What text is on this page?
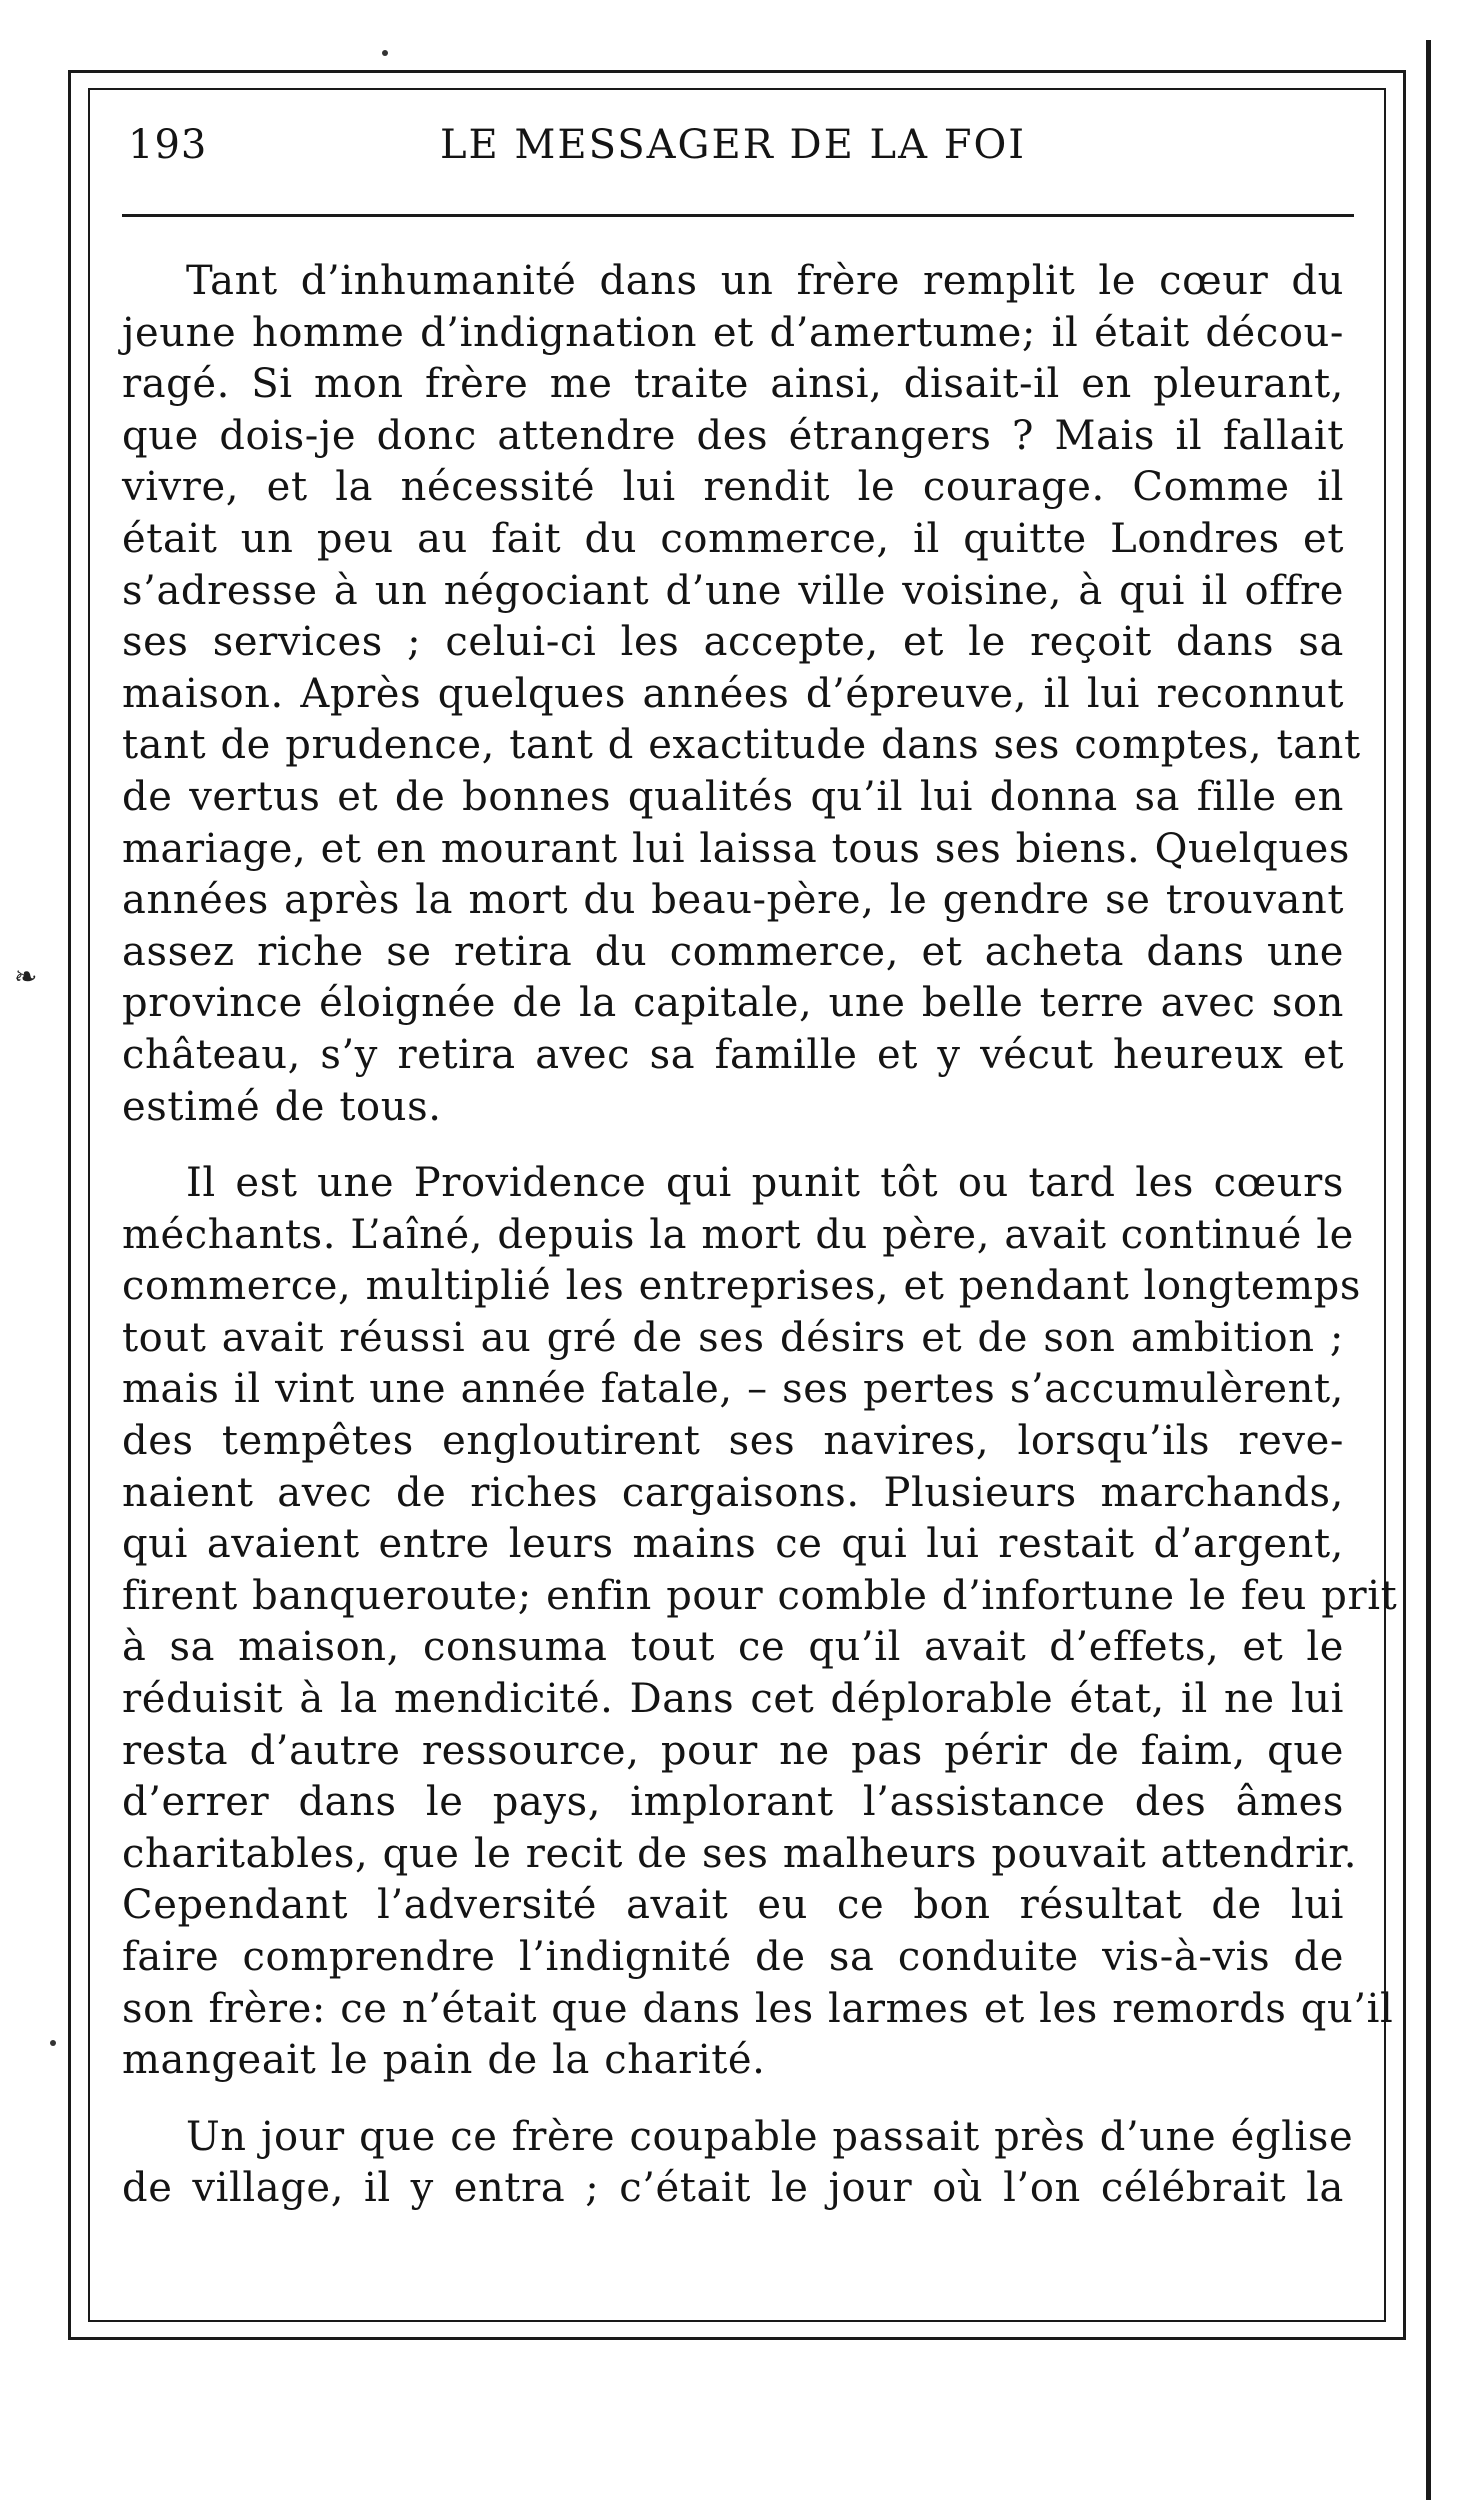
193	LE MESSAGER DE LA FOI
❧
Tant d’inhumanité dans un frère remplit le cœur du
jeune homme d’indignation et d’amertume; il était décou-
ragé. Si mon frère me traite ainsi, disait-il en pleurant,
que dois-je donc attendre des étrangers ? Mais il fallait
vivre, et la nécessité lui rendit le courage. Comme il
était un peu au fait du commerce, il quitte Londres et
s’adresse à un négociant d’une ville voisine, à qui il offre
ses services ; celui-ci les accepte, et le reçoit dans sa
maison. Après quelques années d’épreuve, il lui reconnut
tant de prudence, tant d exactitude dans ses comptes, tant
de vertus et de bonnes qualités qu’il lui donna sa fille en
mariage, et en mourant lui laissa tous ses biens. Quelques
années après la mort du beau-père, le gendre se trouvant
assez riche se retira du commerce, et acheta dans une
province éloignée de la capitale, une belle terre avec son
château, s’y retira avec sa famille et y vécut heureux et
estimé de tous.
Il est une Providence qui punit tôt ou tard les cœurs
méchants. L’aîné, depuis la mort du père, avait continué le
commerce, multiplié les entreprises, et pendant longtemps
tout avait réussi au gré de ses désirs et de son ambition ;
mais il vint une année fatale, – ses pertes s’accumulèrent,
des tempêtes engloutirent ses navires, lorsqu’ils reve-
naient avec de riches cargaisons. Plusieurs marchands,
qui avaient entre leurs mains ce qui lui restait d’argent,
firent banqueroute; enfin pour comble d’infortune le feu prit
à sa maison, consuma tout ce qu’il avait d’effets, et le
réduisit à la mendicité. Dans cet déplorable état, il ne lui
resta d’autre ressource, pour ne pas périr de faim, que
d’errer dans le pays, implorant l’assistance des âmes
charitables, que le recit de ses malheurs pouvait attendrir.
Cependant l’adversité avait eu ce bon résultat de lui
faire comprendre l’indignité de sa conduite vis-à-vis de
son frère: ce n’était que dans les larmes et les remords qu’il
mangeait le pain de la charité.
Un jour que ce frère coupable passait près d’une église
de village, il y entra ; c’était le jour où l’on célébrait la
